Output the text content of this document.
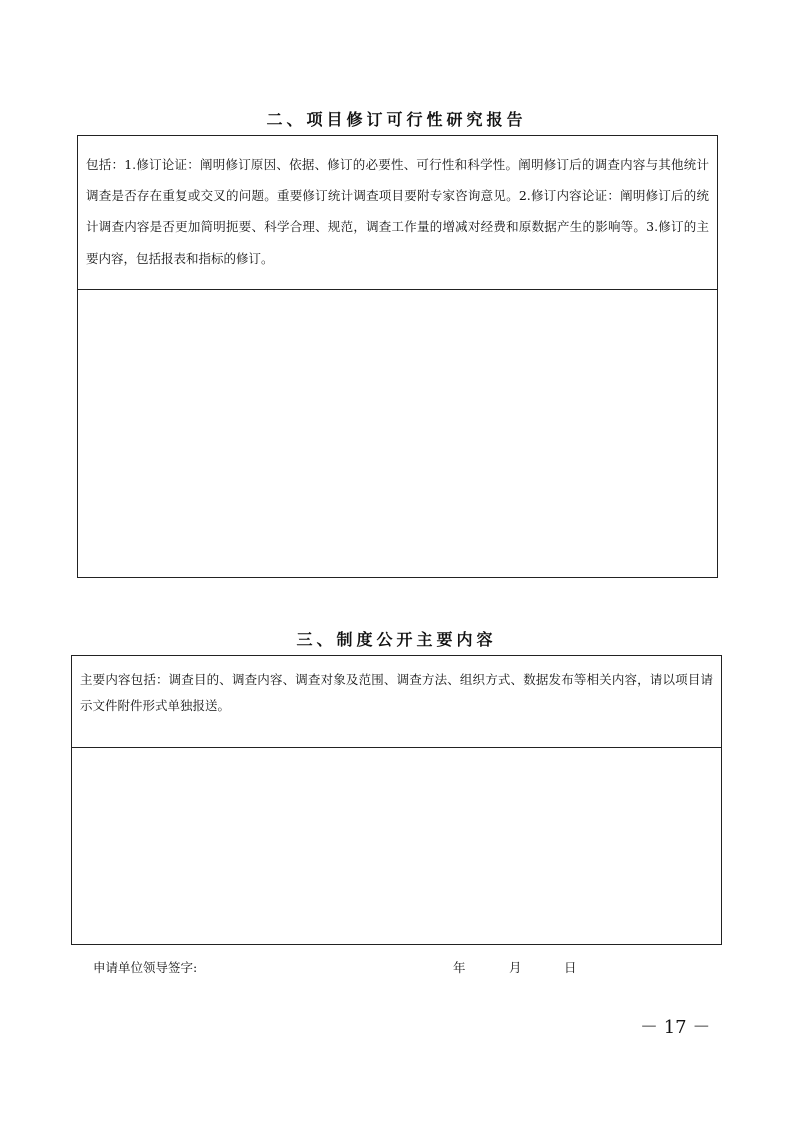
二、项目修订可行性研究报告

包括：1.修订论证：阐明修订原因、依据、修订的必要性、可行性和科学性。阐明修订后的调查内容与其他统计调查是否存在重复或交叉的问题。重要修订统计调查项目要附专家咨询意见。2.修订内容论证：阐明修订后的统计调查内容是否更加简明扼要、科学合理、规范，调查工作量的增减对经费和原数据产生的影响等。3.修订的主要内容，包括报表和指标的修订。

三、制度公开主要内容

主要内容包括：调查目的、调查内容、调查对象及范围、调查方法、组织方式、数据发布等相关内容，请以项目请示文件附件形式单独报送。

申请单位领导签字:	年	月	日
－ 17 －
